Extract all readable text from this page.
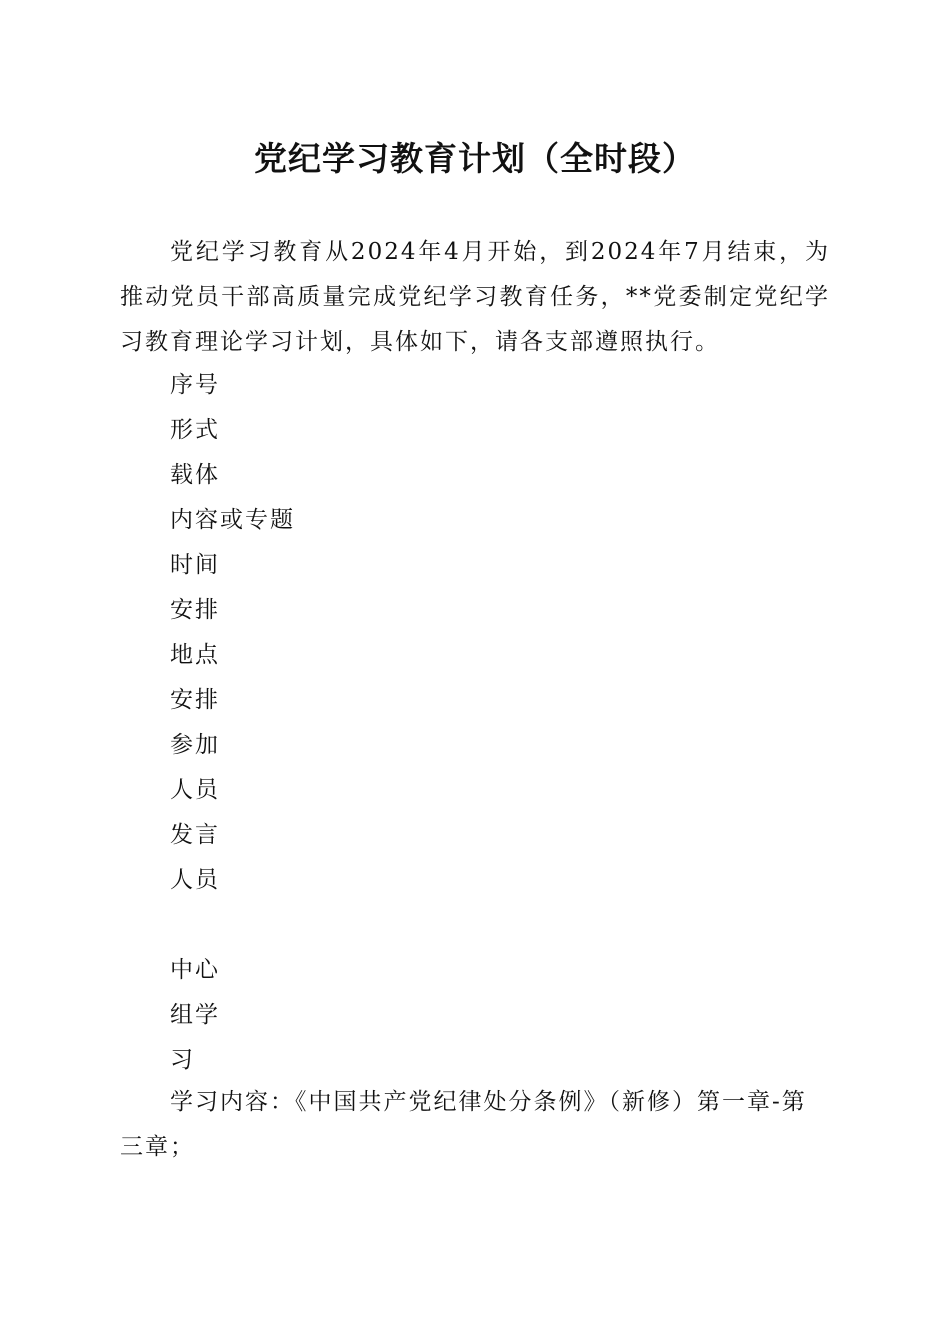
党纪学习教育计划（全时段）

党纪学习教育从2024年4月开始，到2024年7月结束，为推动党员干部高质量完成党纪学习教育任务，**党委制定党纪学习教育理论学习计划，具体如下，请各支部遵照执行。

序号
形式
载体
内容或专题
时间
安排
地点
安排
参加
人员
发言
人员
中心
组学
习

学习内容：《中国共产党纪律处分条例》（新修）第一章-第三章；
